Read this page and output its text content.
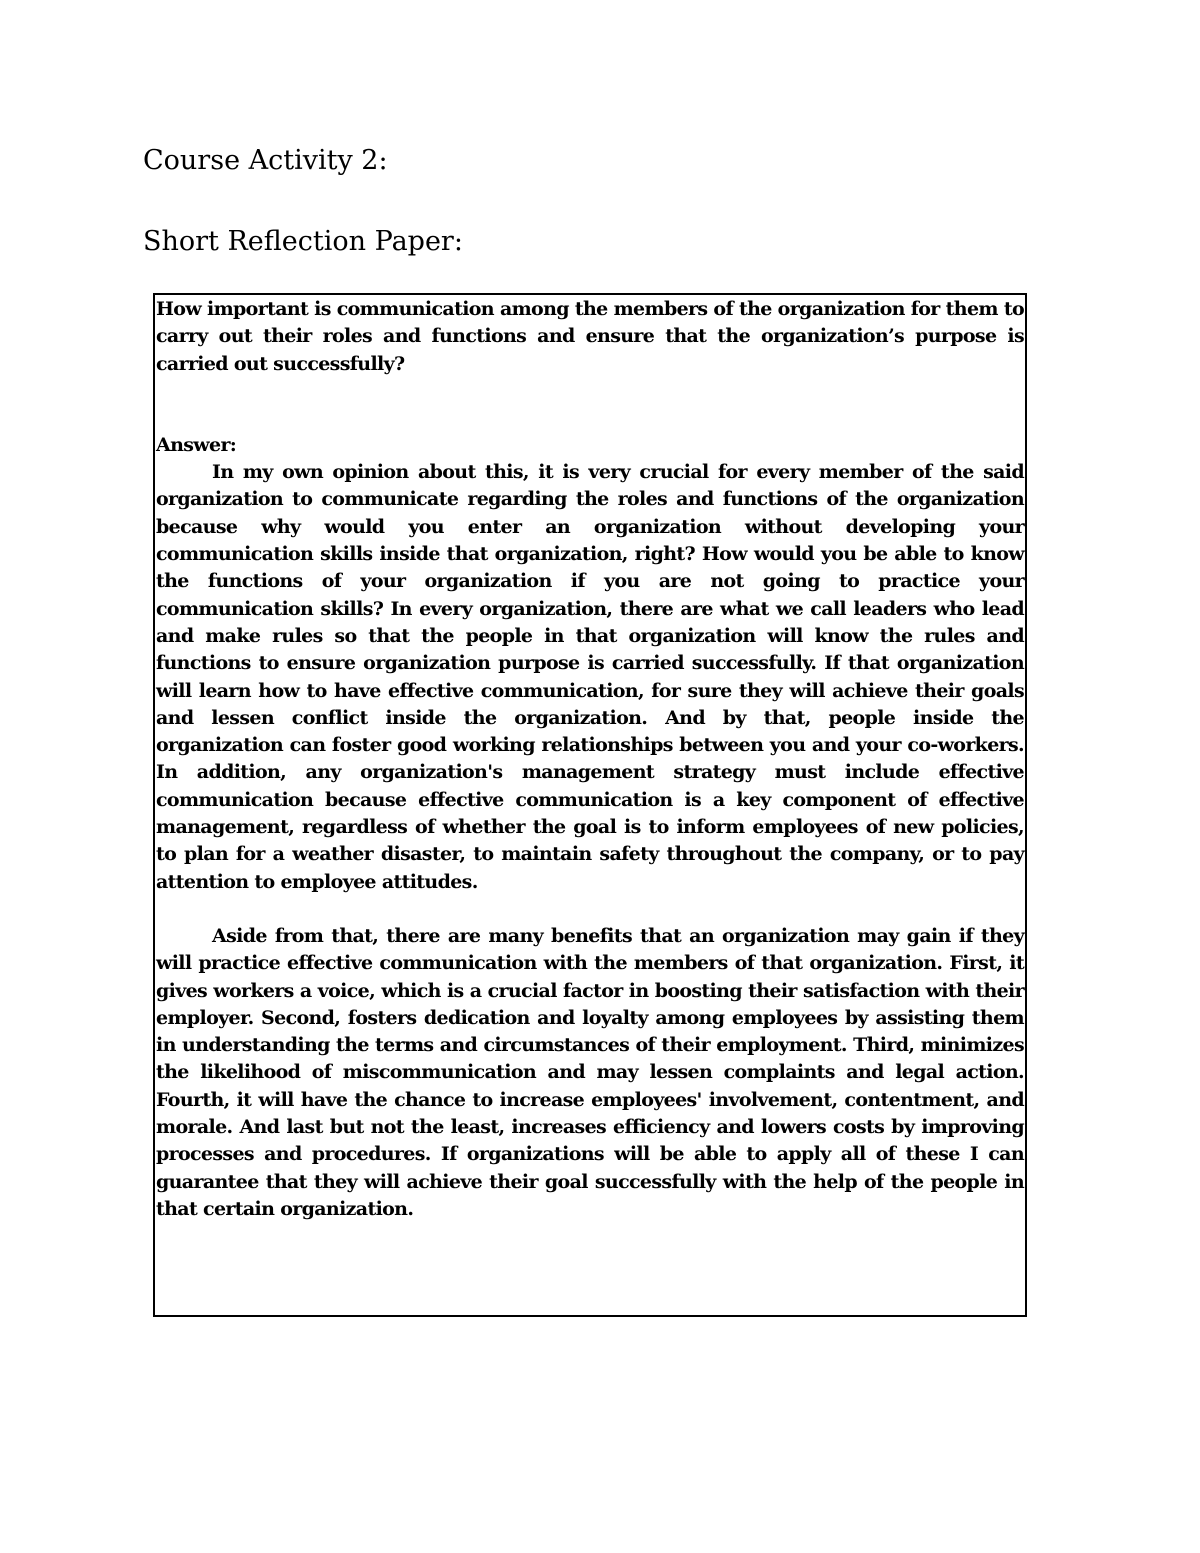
Course Activity 2:
Short Reflection Paper:

How important is communication among the members of the organization for them to carry out their roles and functions and ensure that the organization’s purpose is carried out successfully?

Answer:

In my own opinion about this, it is very crucial for every member of the said organization to communicate regarding the roles and functions of the organization because why would you enter an organization without developing your communication skills inside that organization, right? How would you be able to know the functions of your organization if you are not going to practice your communication skills? In every organization, there are what we call leaders who lead and make rules so that the people in that organization will know the rules and functions to ensure organization purpose is carried successfully. If that organization will learn how to have effective communication, for sure they will achieve their goals and lessen conflict inside the organization. And by that, people inside the organization can foster good working relationships between you and your co-workers. In addition, any organization's management strategy must include effective communication because effective communication is a key component of effective management, regardless of whether the goal is to inform employees of new policies, to plan for a weather disaster, to maintain safety throughout the company, or to pay attention to employee attitudes.

Aside from that, there are many benefits that an organization may gain if they will practice effective communication with the members of that organization. First, it gives workers a voice, which is a crucial factor in boosting their satisfaction with their employer. Second, fosters dedication and loyalty among employees by assisting them in understanding the terms and circumstances of their employment. Third, minimizes the likelihood of miscommunication and may lessen complaints and legal action. Fourth, it will have the chance to increase employees' involvement, contentment, and morale. And last but not the least, increases efficiency and lowers costs by improving processes and procedures. If organizations will be able to apply all of these I can guarantee that they will achieve their goal successfully with the help of the people in that certain organization.
